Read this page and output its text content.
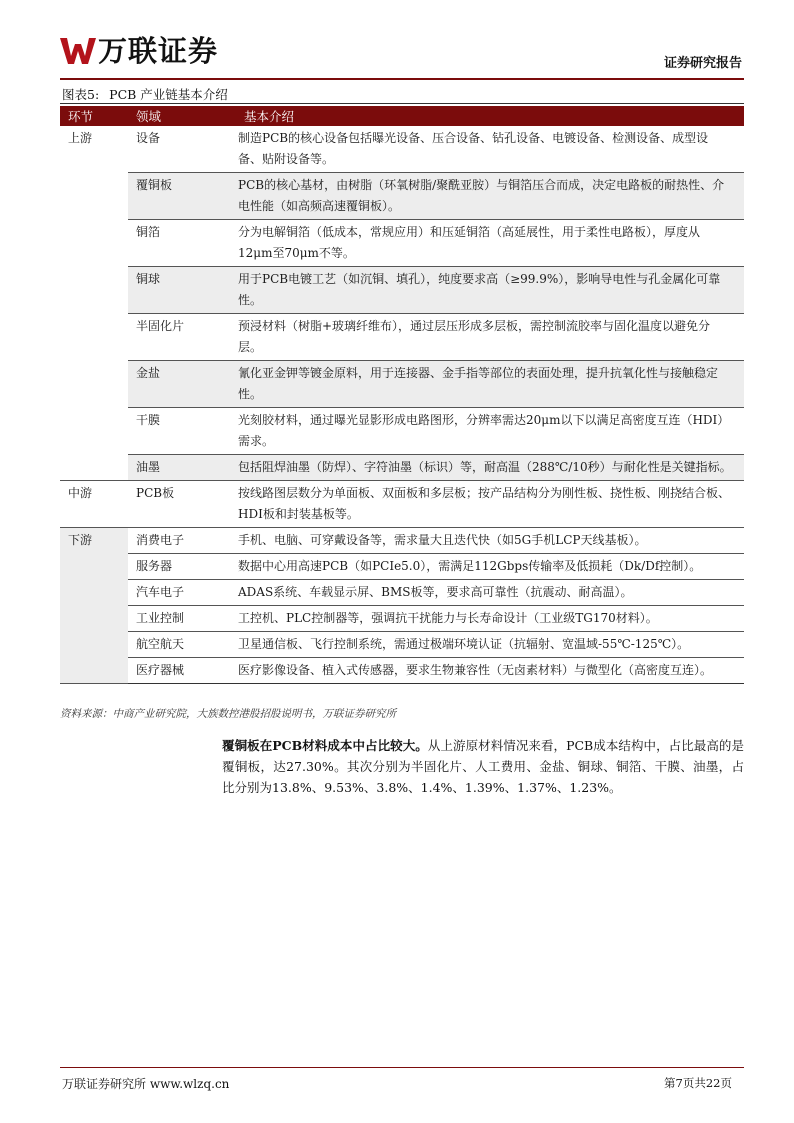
万联证券	证券研究报告
图表5: PCB 产业链基本介绍
环节	领域	基本介绍
上游	设备	制造PCB的核心设备包括曝光设备、压合设备、钻孔设备、电镀设备、检测设备、成型设备、贴附设备等。
	覆铜板	PCB的核心基材，由树脂（环氧树脂/聚酰亚胺）与铜箔压合而成，决定电路板的耐热性、介电性能（如高频高速覆铜板）。
	铜箔	分为电解铜箔（低成本，常规应用）和压延铜箔（高延展性，用于柔性电路板），厚度从12μm至70μm不等。
	铜球	用于PCB电镀工艺（如沉铜、填孔），纯度要求高（≥99.9%），影响导电性与孔金属化可靠性。
	半固化片	预浸材料（树脂+玻璃纤维布），通过层压形成多层板，需控制流胶率与固化温度以避免分层。
	金盐	氰化亚金钾等镀金原料，用于连接器、金手指等部位的表面处理，提升抗氧化性与接触稳定性。
	干膜	光刻胶材料，通过曝光显影形成电路图形，分辨率需达20μm以下以满足高密度互连（HDI）需求。
	油墨	包括阻焊油墨（防焊）、字符油墨（标识）等，耐高温（288℃/10秒）与耐化性是关键指标。
中游	PCB板	按线路图层数分为单面板、双面板和多层板；按产品结构分为刚性板、挠性板、刚挠结合板、HDI板和封装基板等。
下游	消费电子	手机、电脑、可穿戴设备等，需求量大且迭代快（如5G手机LCP天线基板）。
	服务器	数据中心用高速PCB（如PCIe5.0），需满足112Gbps传输率及低损耗（Dk/Df控制）。
	汽车电子	ADAS系统、车载显示屏、BMS板等，要求高可靠性（抗震动、耐高温）。
	工业控制	工控机、PLC控制器等，强调抗干扰能力与长寿命设计（工业级TG170材料）。
	航空航天	卫星通信板、飞行控制系统，需通过极端环境认证（抗辐射、宽温域-55℃-125℃）。
	医疗器械	医疗影像设备、植入式传感器，要求生物兼容性（无卤素材料）与微型化（高密度互连）。
资料来源：中商产业研究院，大族数控港股招股说明书，万联证券研究所
覆铜板在PCB材料成本中占比较大。从上游原材料情况来看，PCB成本结构中，占比最高的是覆铜板，达27.30%。其次分别为半固化片、人工费用、金盐、铜球、铜箔、干膜、油墨，占比分别为13.8%、9.53%、3.8%、1.4%、1.39%、1.37%、1.23%。
万联证券研究所 www.wlzq.cn	第7页共22页
